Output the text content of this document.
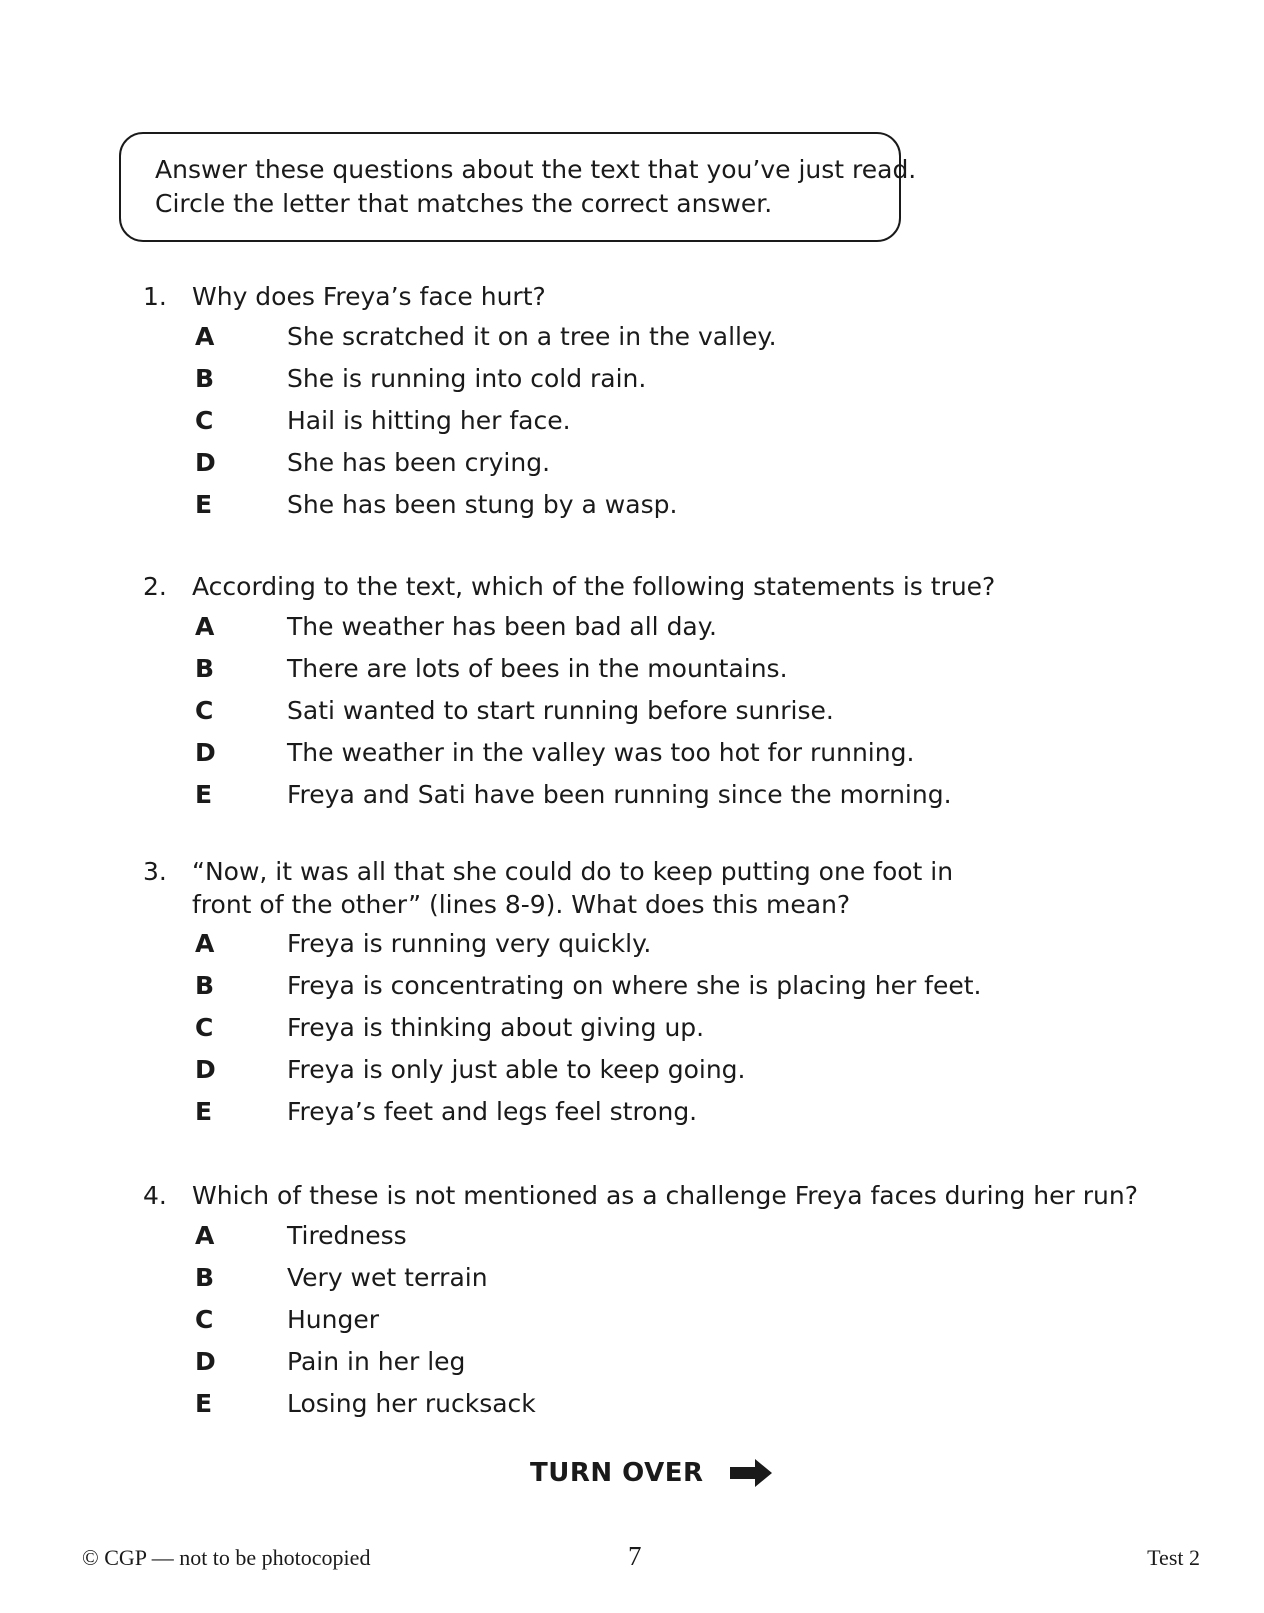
Answer these questions about the text that you’ve just read.
Circle the letter that matches the correct answer.
1. Why does Freya’s face hurt?
A	She scratched it on a tree in the valley.
B	She is running into cold rain.
C	Hail is hitting her face.
D	She has been crying.
E	She has been stung by a wasp.
2. According to the text, which of the following statements is true?
A	The weather has been bad all day.
B	There are lots of bees in the mountains.
C	Sati wanted to start running before sunrise.
D	The weather in the valley was too hot for running.
E	Freya and Sati have been running since the morning.
3. “Now, it was all that she could do to keep putting one foot in
front of the other” (lines 8-9). What does this mean?
A	Freya is running very quickly.
B	Freya is concentrating on where she is placing her feet.
C	Freya is thinking about giving up.
D	Freya is only just able to keep going.
E	Freya’s feet and legs feel strong.
4. Which of these is not mentioned as a challenge Freya faces during her run?
A	Tiredness
B	Very wet terrain
C	Hunger
D	Pain in her leg
E	Losing her rucksack
TURN OVER
© CGP — not to be photocopied	7	Test 2
